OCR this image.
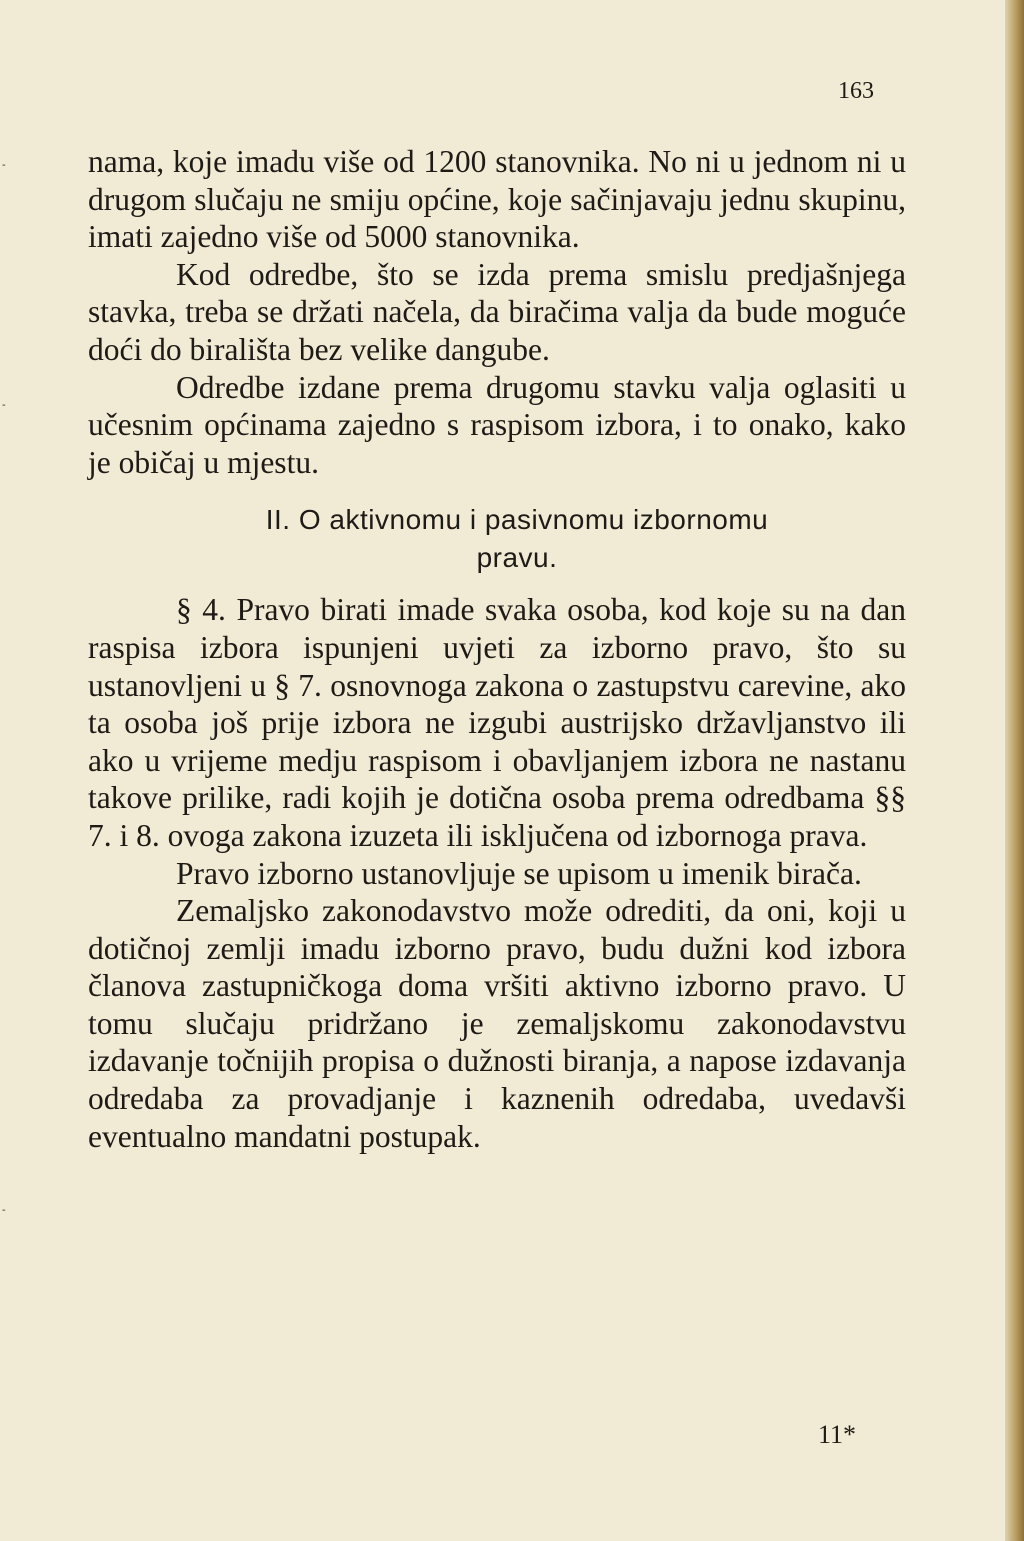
163

nama, koje imadu više od 1200 stanovnika. No ni u jednom ni u drugom slučaju ne smiju općine, koje sačinjavaju jednu skupinu, imati zajedno više od 5000 stanovnika.

Kod odredbe, što se izda prema smislu predjašnjega stavka, treba se držati načela, da biračima valja da bude moguće doći do birališta bez velike dangube.

Odredbe izdane prema drugomu stavku valja oglasiti u učesnim općinama zajedno s raspisom izbora, i to onako, kako je običaj u mjestu.

II. O aktivnomu i pasivnomu izbornomu
pravu.

§ 4. Pravo birati imade svaka osoba, kod koje su na dan raspisa izbora ispunjeni uvjeti za izborno pravo, što su ustanovljeni u § 7. osnovnoga zakona o zastupstvu carevine, ako ta osoba još prije izbora ne izgubi austrijsko državljanstvo ili ako u vrijeme medju raspisom i obavljanjem izbora ne nastanu takove prilike, radi kojih je dotična osoba prema odredbama §§ 7. i 8. ovoga zakona izuzeta ili isključena od izbornoga prava.

Pravo izborno ustanovljuje se upisom u imenik birača.

Zemaljsko zakonodavstvo može odrediti, da oni, koji u dotičnoj zemlji imadu izborno pravo, budu dužni kod izbora članova zastupničkoga doma vršiti aktivno izborno pravo. U tomu slučaju pridržano je zemaljskomu zakonodavstvu izdavanje točnijih propisa o dužnosti biranja, a napose izdavanja odredaba za provadjanje i kaznenih odredaba, uvedavši eventualno mandatni postupak.

11*
‐
‐
‐
